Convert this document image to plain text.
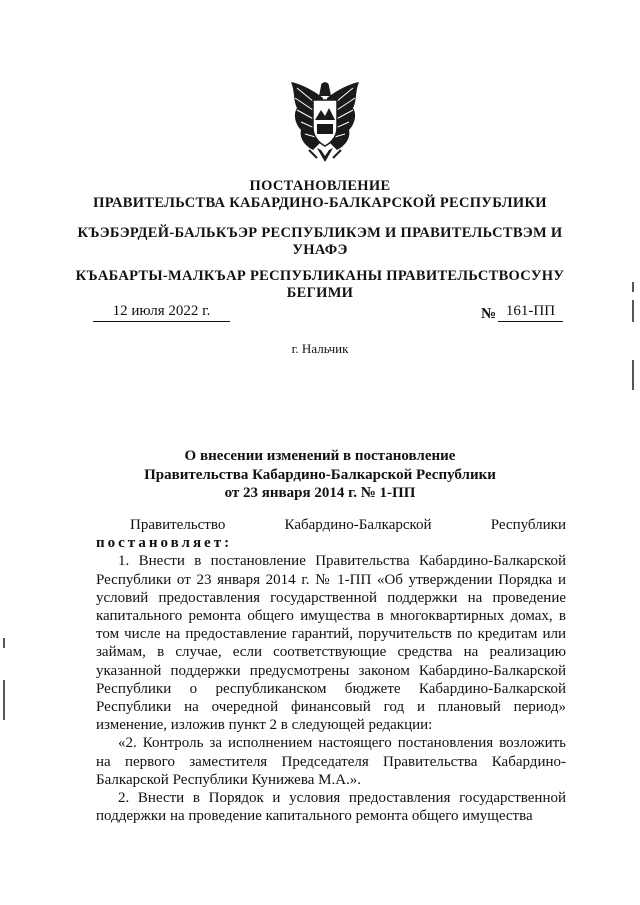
ПОСТАНОВЛЕНИЕ
ПРАВИТЕЛЬСТВА КАБАРДИНО-БАЛКАРСКОЙ РЕСПУБЛИКИ
КЪЭБЭРДЕЙ-БАЛЬКЪЭР РЕСПУБЛИКЭМ И ПРАВИТЕЛЬСТВЭМ И
УНАФЭ
КЪАБАРТЫ-МАЛКЪАР РЕСПУБЛИКАНЫ ПРАВИТЕЛЬСТВОСУНУ
БЕГИМИ
12 июля 2022 г.	№ 161-ПП
г. Нальчик
О внесении изменений в постановление
Правительства Кабардино-Балкарской Республики
от 23 января 2014 г. № 1-ПП
Правительство	Кабардино-Балкарской	Республики
постановляет:

1. Внести в постановление Правительства Кабардино-Балкарской Республики от 23 января 2014 г. № 1-ПП «Об утверждении Порядка и условий предоставления государственной поддержки на проведение капитального ремонта общего имущества в многоквартирных домах, в том числе на предоставление гарантий, поручительств по кредитам или займам, в случае, если соответствующие средства на реализацию указанной поддержки предусмотрены законом Кабардино-Балкарской Республики о республиканском бюджете Кабардино-Балкарской Республики на очередной финансовый год и плановый период» изменение, изложив пункт 2 в следующей редакции:

«2. Контроль за исполнением настоящего постановления возложить на первого заместителя Председателя Правительства Кабардино-Балкарской Республики Кунижева М.А.».

2. Внести в Порядок и условия предоставления государственной поддержки на проведение капитального ремонта общего имущества
